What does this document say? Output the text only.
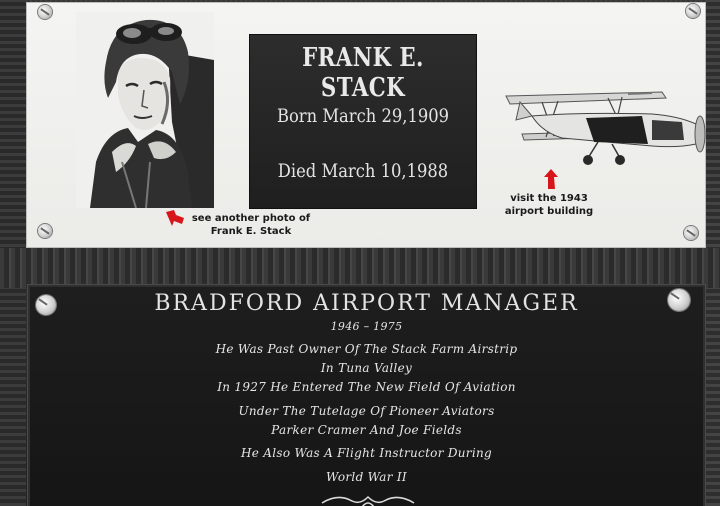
FRANK E. STACK
Born March 29,1909
Died March 10,1988
see another photo of
Frank E. Stack
visit the 1943
airport building
BRADFORD AIRPORT MANAGER
1946 – 1975
He Was Past Owner Of The Stack Farm Airstrip
In Tuna Valley
In 1927 He Entered The New Field Of Aviation
Under The Tutelage Of Pioneer Aviators
Parker Cramer And Joe Fields
He Also Was A Flight Instructor During
World War II
